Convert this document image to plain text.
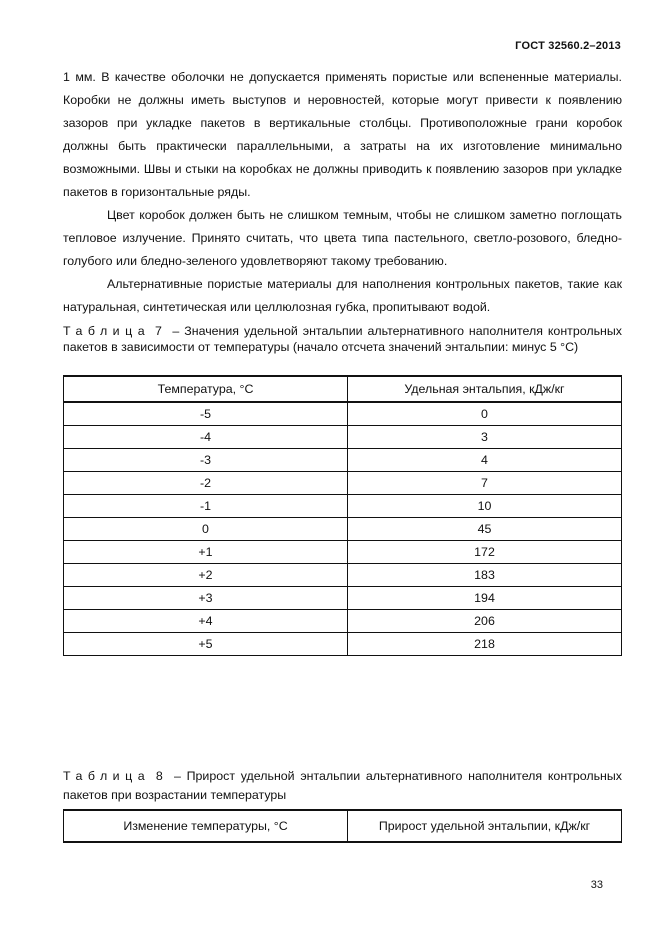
ГОСТ 32560.2–2013
1 мм. В качестве оболочки не допускается применять пористые или вспененные материалы. Коробки не должны иметь выступов и неровностей, которые могут привести к появлению зазоров при укладке пакетов в вертикальные столбцы. Противоположные грани коробок должны быть практически параллельными, а затраты на их изготовление минимально возможными. Швы и стыки на коробках не должны приводить к появлению зазоров при укладке пакетов в горизонтальные ряды.
Цвет коробок должен быть не слишком темным, чтобы не слишком заметно поглощать тепловое излучение. Принято считать, что цвета типа пастельного, светло-розового, бледно-голубого или бледно-зеленого удовлетворяют такому требованию.
Альтернативные пористые материалы для наполнения контрольных пакетов, такие как натуральная, синтетическая или целлюлозная губка, пропитывают водой.
Таблица 7 – Значения удельной энтальпии альтернативного наполнителя контрольных пакетов в зависимости от температуры (начало отсчета значений энтальпии: минус 5 °С)
Температура, °С	Удельная энтальпия, кДж/кг
-5	0
-4	3
-3	4
-2	7
-1	10
0	45
+1	172
+2	183
+3	194
+4	206
+5	218
Таблица 8 – Прирост удельной энтальпии альтернативного наполнителя контрольных пакетов при возрастании температуры
Изменение температуры, °С	Прирост удельной энтальпии, кДж/кг
33
